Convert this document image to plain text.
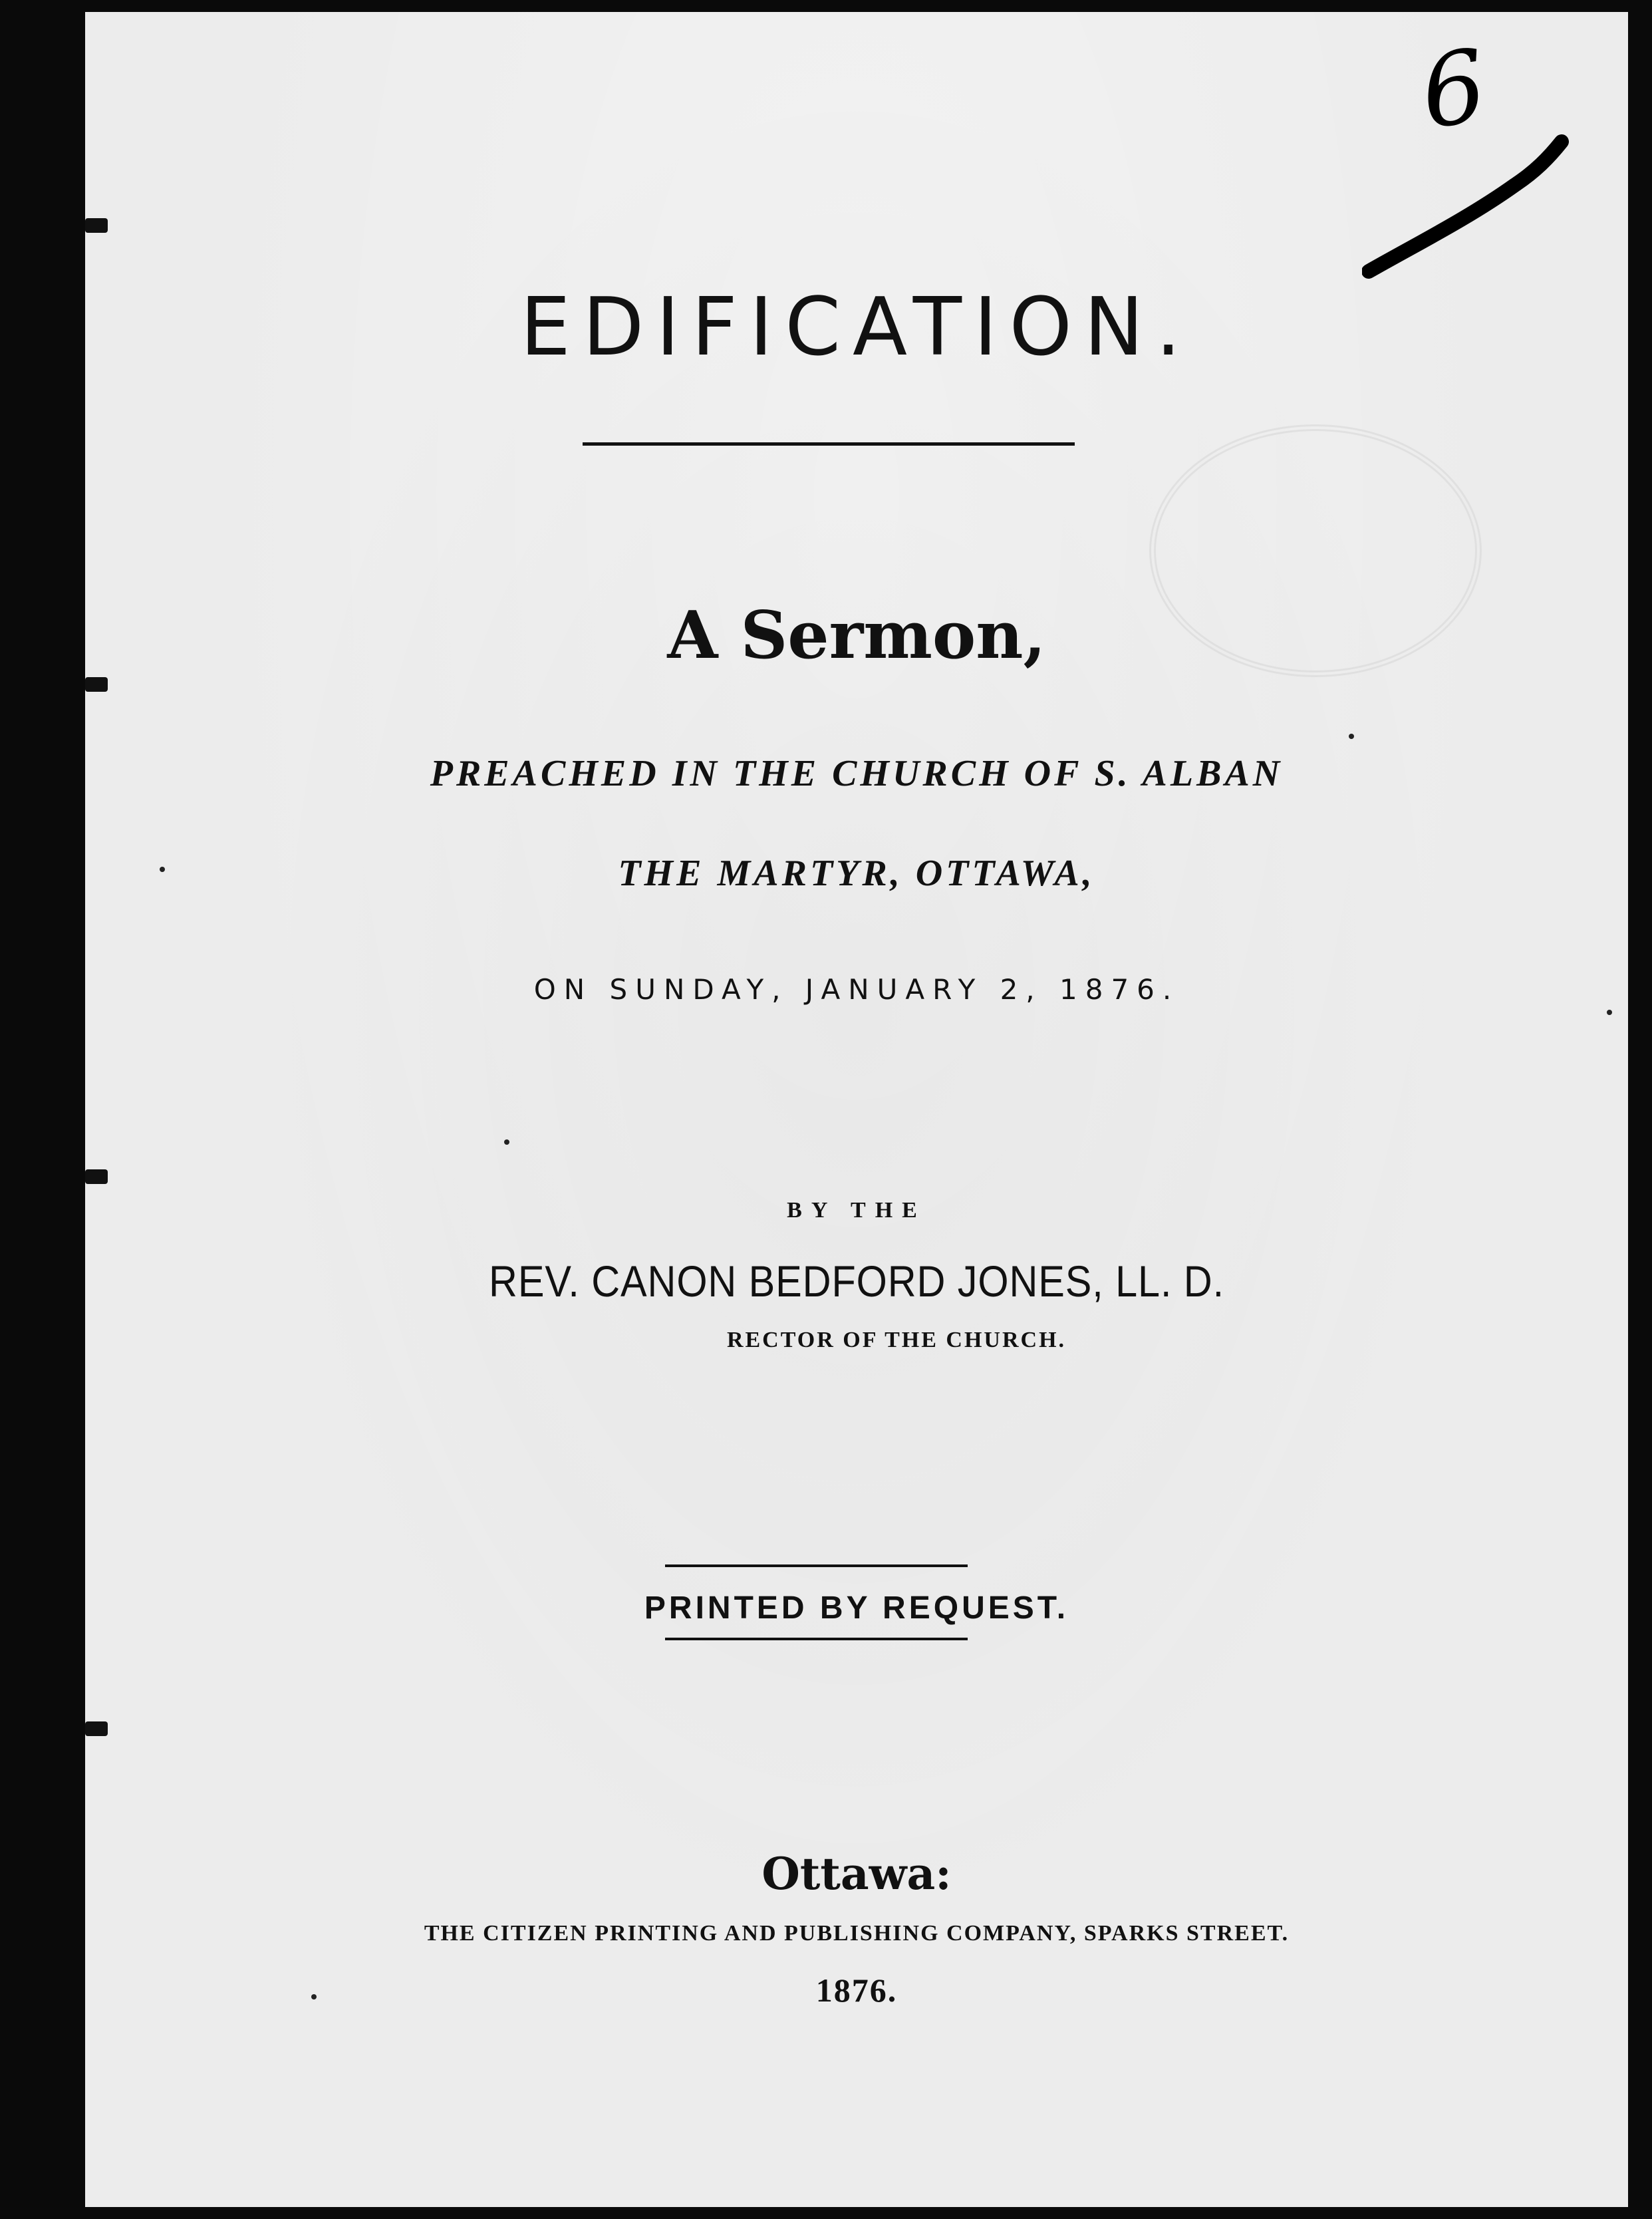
6
EDIFICATION.
A Sermon,
PREACHED IN THE CHURCH OF S. ALBAN
THE MARTYR, OTTAWA,
ON SUNDAY, JANUARY 2, 1876.
BY THE
REV. CANON BEDFORD JONES, LL. D.
RECTOR OF THE CHURCH.
PRINTED BY REQUEST.
Ottawa:
THE CITIZEN PRINTING AND PUBLISHING COMPANY, SPARKS STREET.
1876.
